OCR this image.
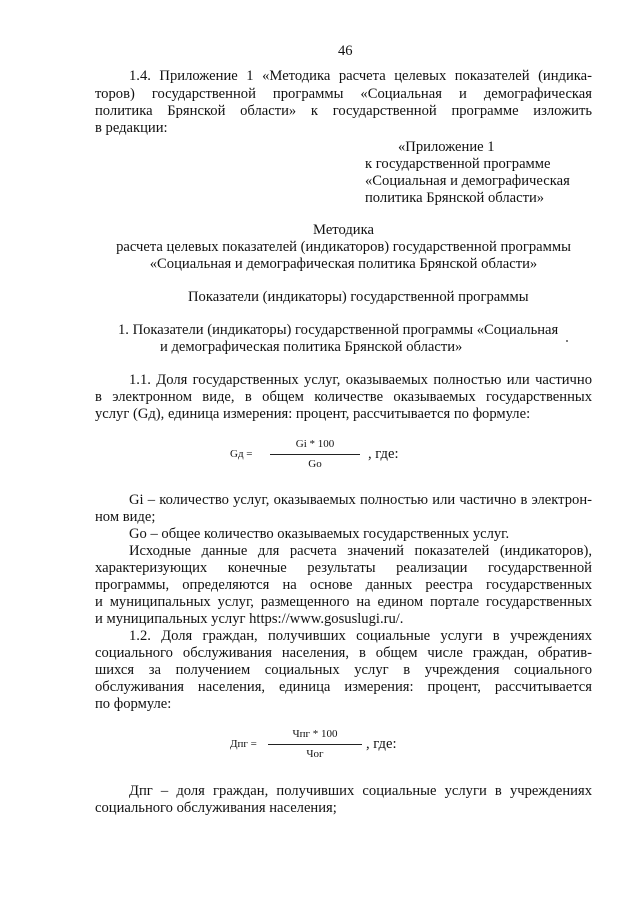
46
1.4. Приложение 1 «Методика расчета целевых показателей (индика-
торов) государственной программы «Социальная и демографическая
политика Брянской области» к государственной программе изложить
в редакции:
«Приложение 1
к государственной программе
«Социальная и демографическая
политика Брянской области»
Методика
расчета целевых показателей (индикаторов) государственной программы
«Социальная и демографическая политика Брянской области»
Показатели (индикаторы) государственной программы
1. Показатели (индикаторы) государственной программы «Социальная
и демографическая политика Брянской области»
1.1. Доля государственных услуг, оказываемых полностью или частично
в электронном виде, в общем количестве оказываемых государственных
услуг (Gд), единица измерения: процент, рассчитывается по формуле:
Gд =
Gi * 100
Go
, где:
Gi – количество услуг, оказываемых полностью или частично в электрон-
ном виде;
Go – общее количество оказываемых государственных услуг.
Исходные данные для расчета значений показателей (индикаторов),
характеризующих конечные результаты реализации государственной
программы, определяются на основе данных реестра государственных
и муниципальных услуг, размещенного на едином портале государственных
и муниципальных услуг https://www.gosuslugi.ru/.
1.2. Доля граждан, получивших социальные услуги в учреждениях
социального обслуживания населения, в общем числе граждан, обратив-
шихся за получением социальных услуг в учреждения социального
обслуживания населения, единица измерения: процент, рассчитывается
по формуле:
Дпг =
Чпг * 100
Чог
, где:
Дпг – доля граждан, получивших социальные услуги в учреждениях
социального обслуживания населения;
